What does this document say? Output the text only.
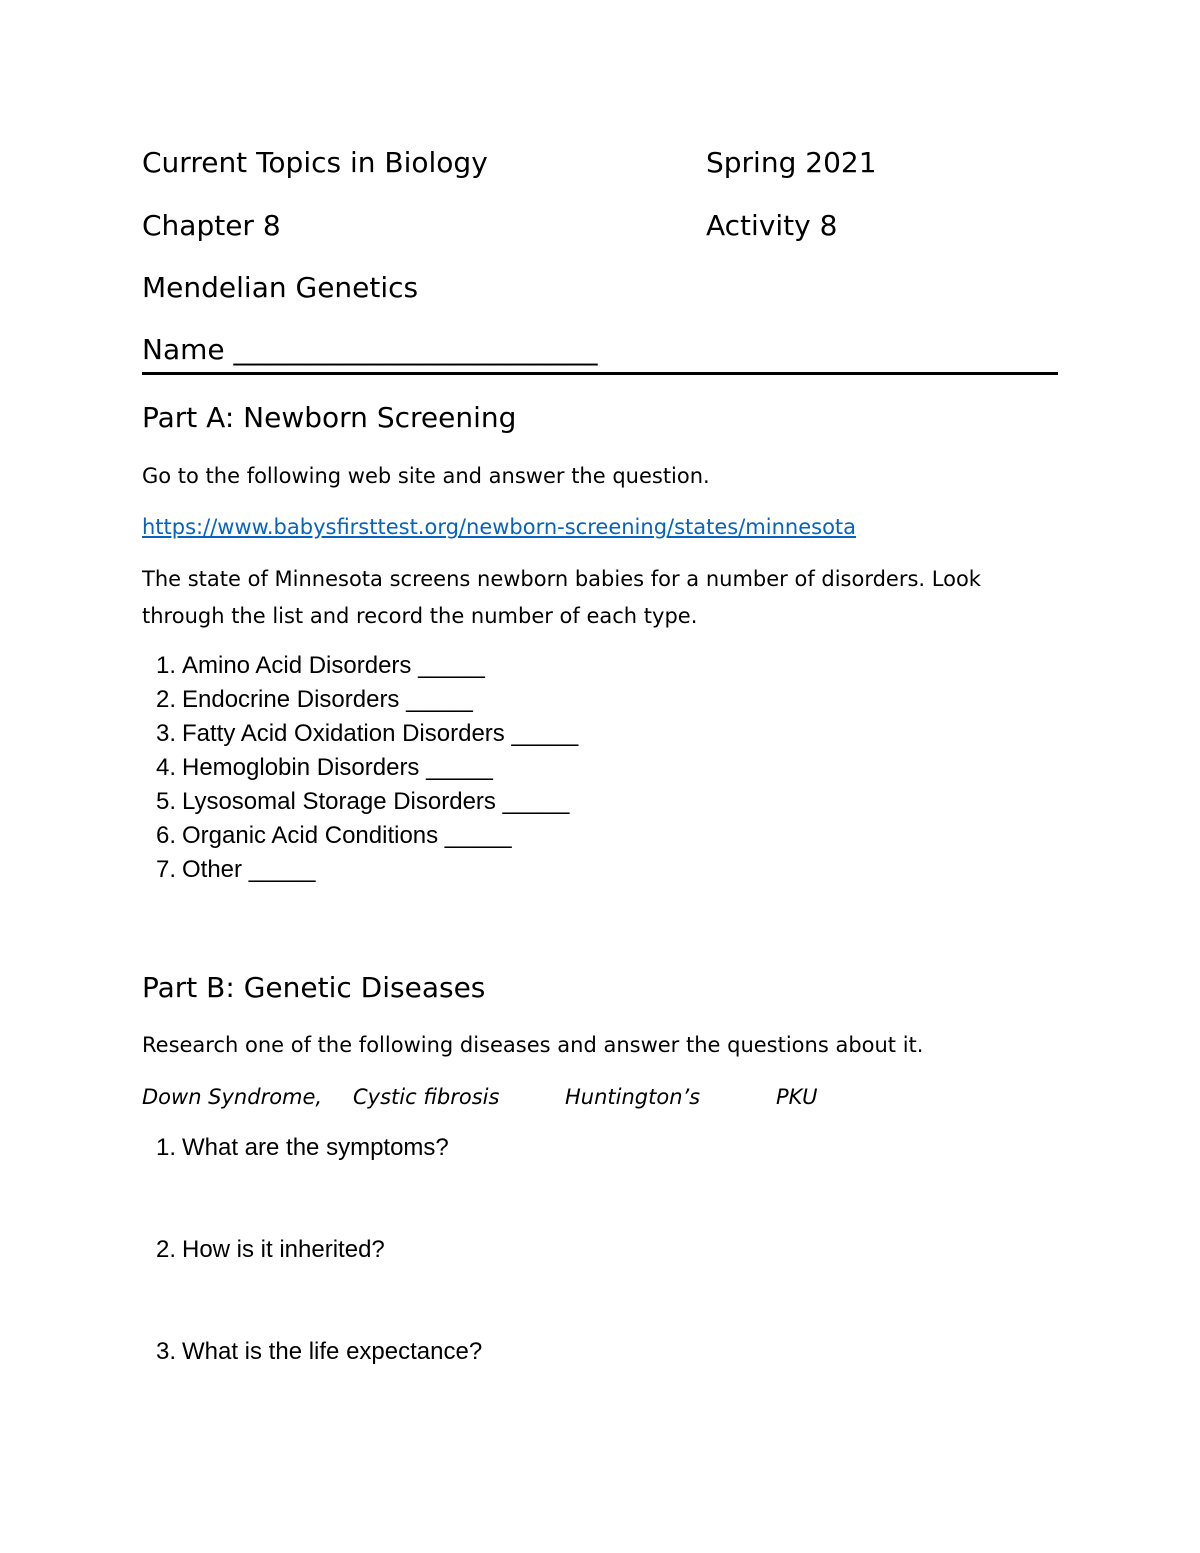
Current Topics in Biology	Spring 2021
Chapter 8	Activity 8
Mendelian Genetics
Name __________________________
Part A: Newborn Screening
Go to the following web site and answer the question.
https://www.babysfirsttest.org/newborn-screening/states/minnesota
The state of Minnesota screens newborn babies for a number of disorders. Look
through the list and record the number of each type.
1. Amino Acid Disorders _____
2. Endocrine Disorders _____
3. Fatty Acid Oxidation Disorders _____
4. Hemoglobin Disorders _____
5. Lysosomal Storage Disorders _____
6. Organic Acid Conditions _____
7. Other _____
Part B: Genetic Diseases
Research one of the following diseases and answer the questions about it.
Down Syndrome, Cystic fibrosis	Huntington’s	PKU
1. What are the symptoms?
2. How is it inherited?
3. What is the life expectance?
